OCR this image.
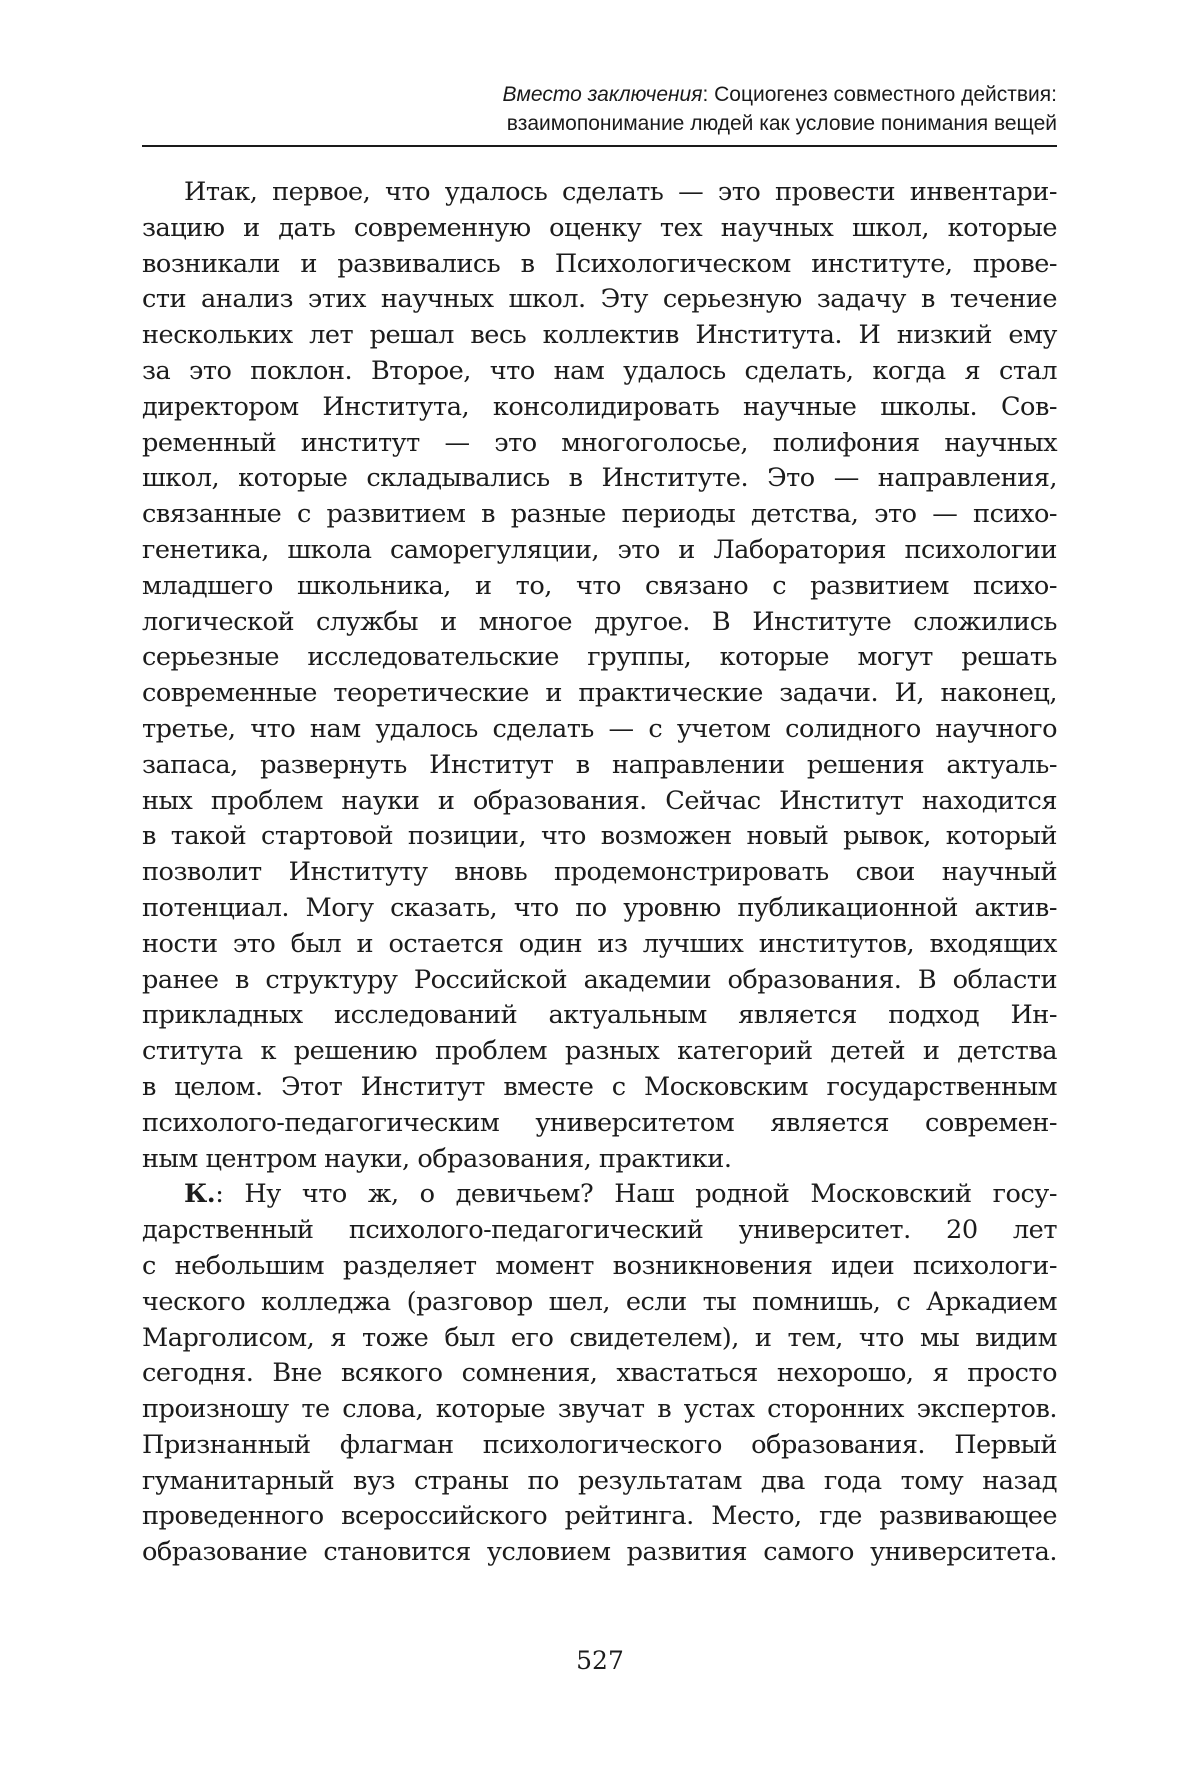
Вместо заключения: Социогенез совместного действия:
взаимопонимание людей как условие понимания вещей
Итак, первое, что удалось сделать — это провести инвентари-
зацию и дать современную оценку тех научных школ, которые
возникали и развивались в Психологическом институте, прове-
сти анализ этих научных школ. Эту серьезную задачу в течение
нескольких лет решал весь коллектив Института. И низкий ему
за это поклон. Второе, что нам удалось сделать, когда я стал
директором Института, консолидировать научные школы. Сов-
ременный институт — это многоголосье, полифония научных
школ, которые складывались в Институте. Это — направления,
связанные с развитием в разные периоды детства, это — психо-
генетика, школа саморегуляции, это и Лаборатория психологии
младшего школьника, и то, что связано с развитием психо-
логической службы и многое другое. В Институте сложились
серьезные исследовательские группы, которые могут решать
современные теоретические и практические задачи. И, наконец,
третье, что нам удалось сделать — с учетом солидного научного
запаса, развернуть Институт в направлении решения актуаль-
ных проблем науки и образования. Сейчас Институт находится
в такой стартовой позиции, что возможен новый рывок, который
позволит Институту вновь продемонстрировать свои научный
потенциал. Могу сказать, что по уровню публикационной актив-
ности это был и остается один из лучших институтов, входящих
ранее в структуру Российской академии образования. В области
прикладных исследований актуальным является подход Ин-
ститута к решению проблем разных категорий детей и детства
в целом. Этот Институт вместе с Московским государственным
психолого-педагогическим университетом является современ-
ным центром науки, образования, практики.
К.: Ну что ж, о девичьем? Наш родной Московский госу-
дарственный психолого-педагогический университет. 20 лет
с небольшим разделяет момент возникновения идеи психологи-
ческого колледжа (разговор шел, если ты помнишь, с Аркадием
Марголисом, я тоже был его свидетелем), и тем, что мы видим
сегодня. Вне всякого сомнения, хвастаться нехорошо, я просто
произношу те слова, которые звучат в устах сторонних экспертов.
Признанный флагман психологического образования. Первый
гуманитарный вуз страны по результатам два года тому назад
проведенного всероссийского рейтинга. Место, где развивающее
образование становится условием развития самого университета.
527
